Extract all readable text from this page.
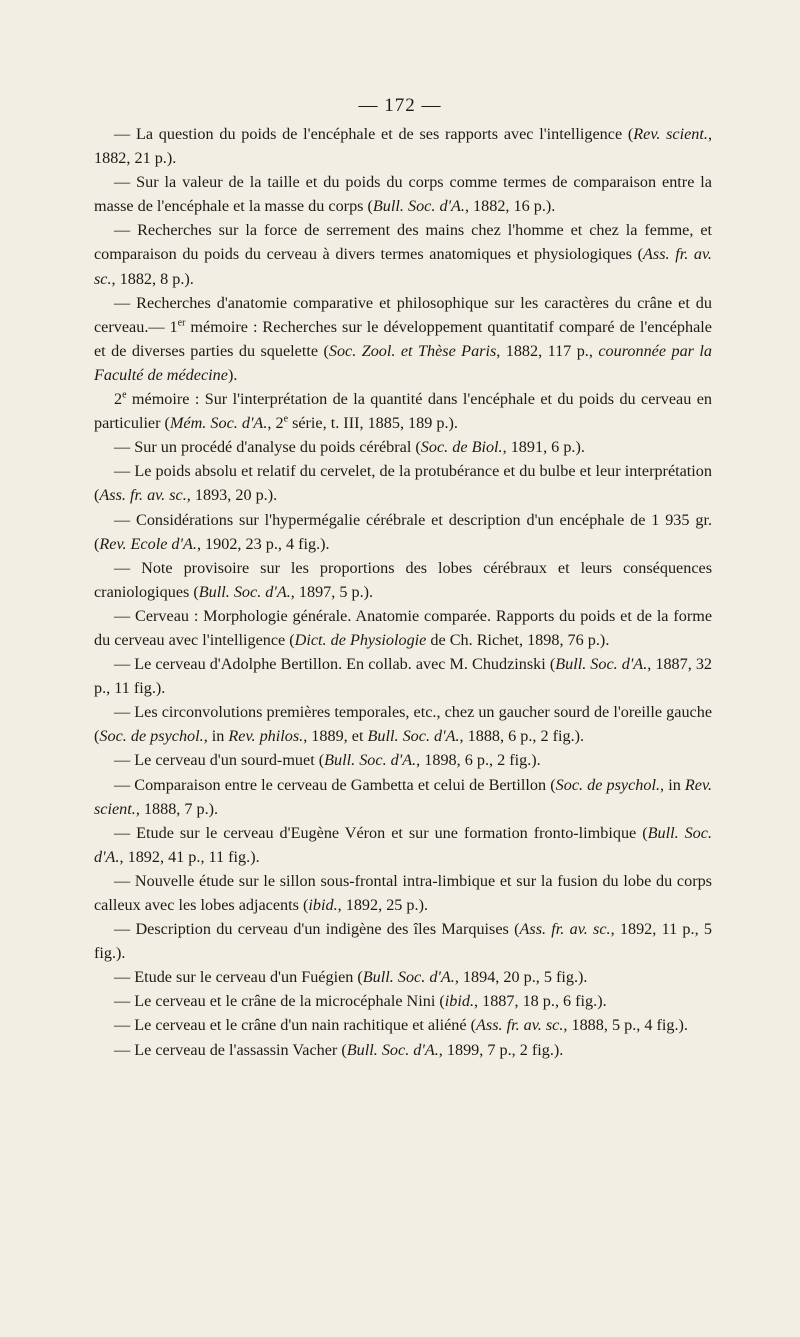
— 172 —

— La question du poids de l'encéphale et de ses rapports avec l'intelligence (Rev. scient., 1882, 21 p.).

— Sur la valeur de la taille et du poids du corps comme termes de comparaison entre la masse de l'encéphale et la masse du corps (Bull. Soc. d'A., 1882, 16 p.).

— Recherches sur la force de serrement des mains chez l'homme et chez la femme, et comparaison du poids du cerveau à divers termes anatomiques et physiologiques (Ass. fr. av. sc., 1882, 8 p.).

— Recherches d'anatomie comparative et philosophique sur les caractères du crâne et du cerveau.— 1er mémoire : Recherches sur le développement quantitatif comparé de l'encéphale et de diverses parties du squelette (Soc. Zool. et Thèse Paris, 1882, 117 p., couronnée par la Faculté de médecine).

2e mémoire : Sur l'interprétation de la quantité dans l'encéphale et du poids du cerveau en particulier (Mém. Soc. d'A., 2e série, t. III, 1885, 189 p.).

— Sur un procédé d'analyse du poids cérébral (Soc. de Biol., 1891, 6 p.).

— Le poids absolu et relatif du cervelet, de la protubérance et du bulbe et leur interprétation (Ass. fr. av. sc., 1893, 20 p.).

— Considérations sur l'hypermégalie cérébrale et description d'un encéphale de 1 935 gr. (Rev. Ecole d'A., 1902, 23 p., 4 fig.).

— Note provisoire sur les proportions des lobes cérébraux et leurs conséquences craniologiques (Bull. Soc. d'A., 1897, 5 p.).

— Cerveau : Morphologie générale. Anatomie comparée. Rapports du poids et de la forme du cerveau avec l'intelligence (Dict. de Physiologie de Ch. Richet, 1898, 76 p.).

— Le cerveau d'Adolphe Bertillon. En collab. avec M. Chudzinski (Bull. Soc. d'A., 1887, 32 p., 11 fig.).

— Les circonvolutions premières temporales, etc., chez un gaucher sourd de l'oreille gauche (Soc. de psychol., in Rev. philos., 1889, et Bull. Soc. d'A., 1888, 6 p., 2 fig.).

— Le cerveau d'un sourd-muet (Bull. Soc. d'A., 1898, 6 p., 2 fig.).

— Comparaison entre le cerveau de Gambetta et celui de Bertillon (Soc. de psychol., in Rev. scient., 1888, 7 p.).

— Etude sur le cerveau d'Eugène Véron et sur une formation fronto-limbique (Bull. Soc. d'A., 1892, 41 p., 11 fig.).

— Nouvelle étude sur le sillon sous-frontal intra-limbique et sur la fusion du lobe du corps calleux avec les lobes adjacents (ibid., 1892, 25 p.).

— Description du cerveau d'un indigène des îles Marquises (Ass. fr. av. sc., 1892, 11 p., 5 fig.).

— Etude sur le cerveau d'un Fuégien (Bull. Soc. d'A., 1894, 20 p., 5 fig.).

— Le cerveau et le crâne de la microcéphale Nini (ibid., 1887, 18 p., 6 fig.).

— Le cerveau et le crâne d'un nain rachitique et aliéné (Ass. fr. av. sc., 1888, 5 p., 4 fig.).

— Le cerveau de l'assassin Vacher (Bull. Soc. d'A., 1899, 7 p., 2 fig.).
